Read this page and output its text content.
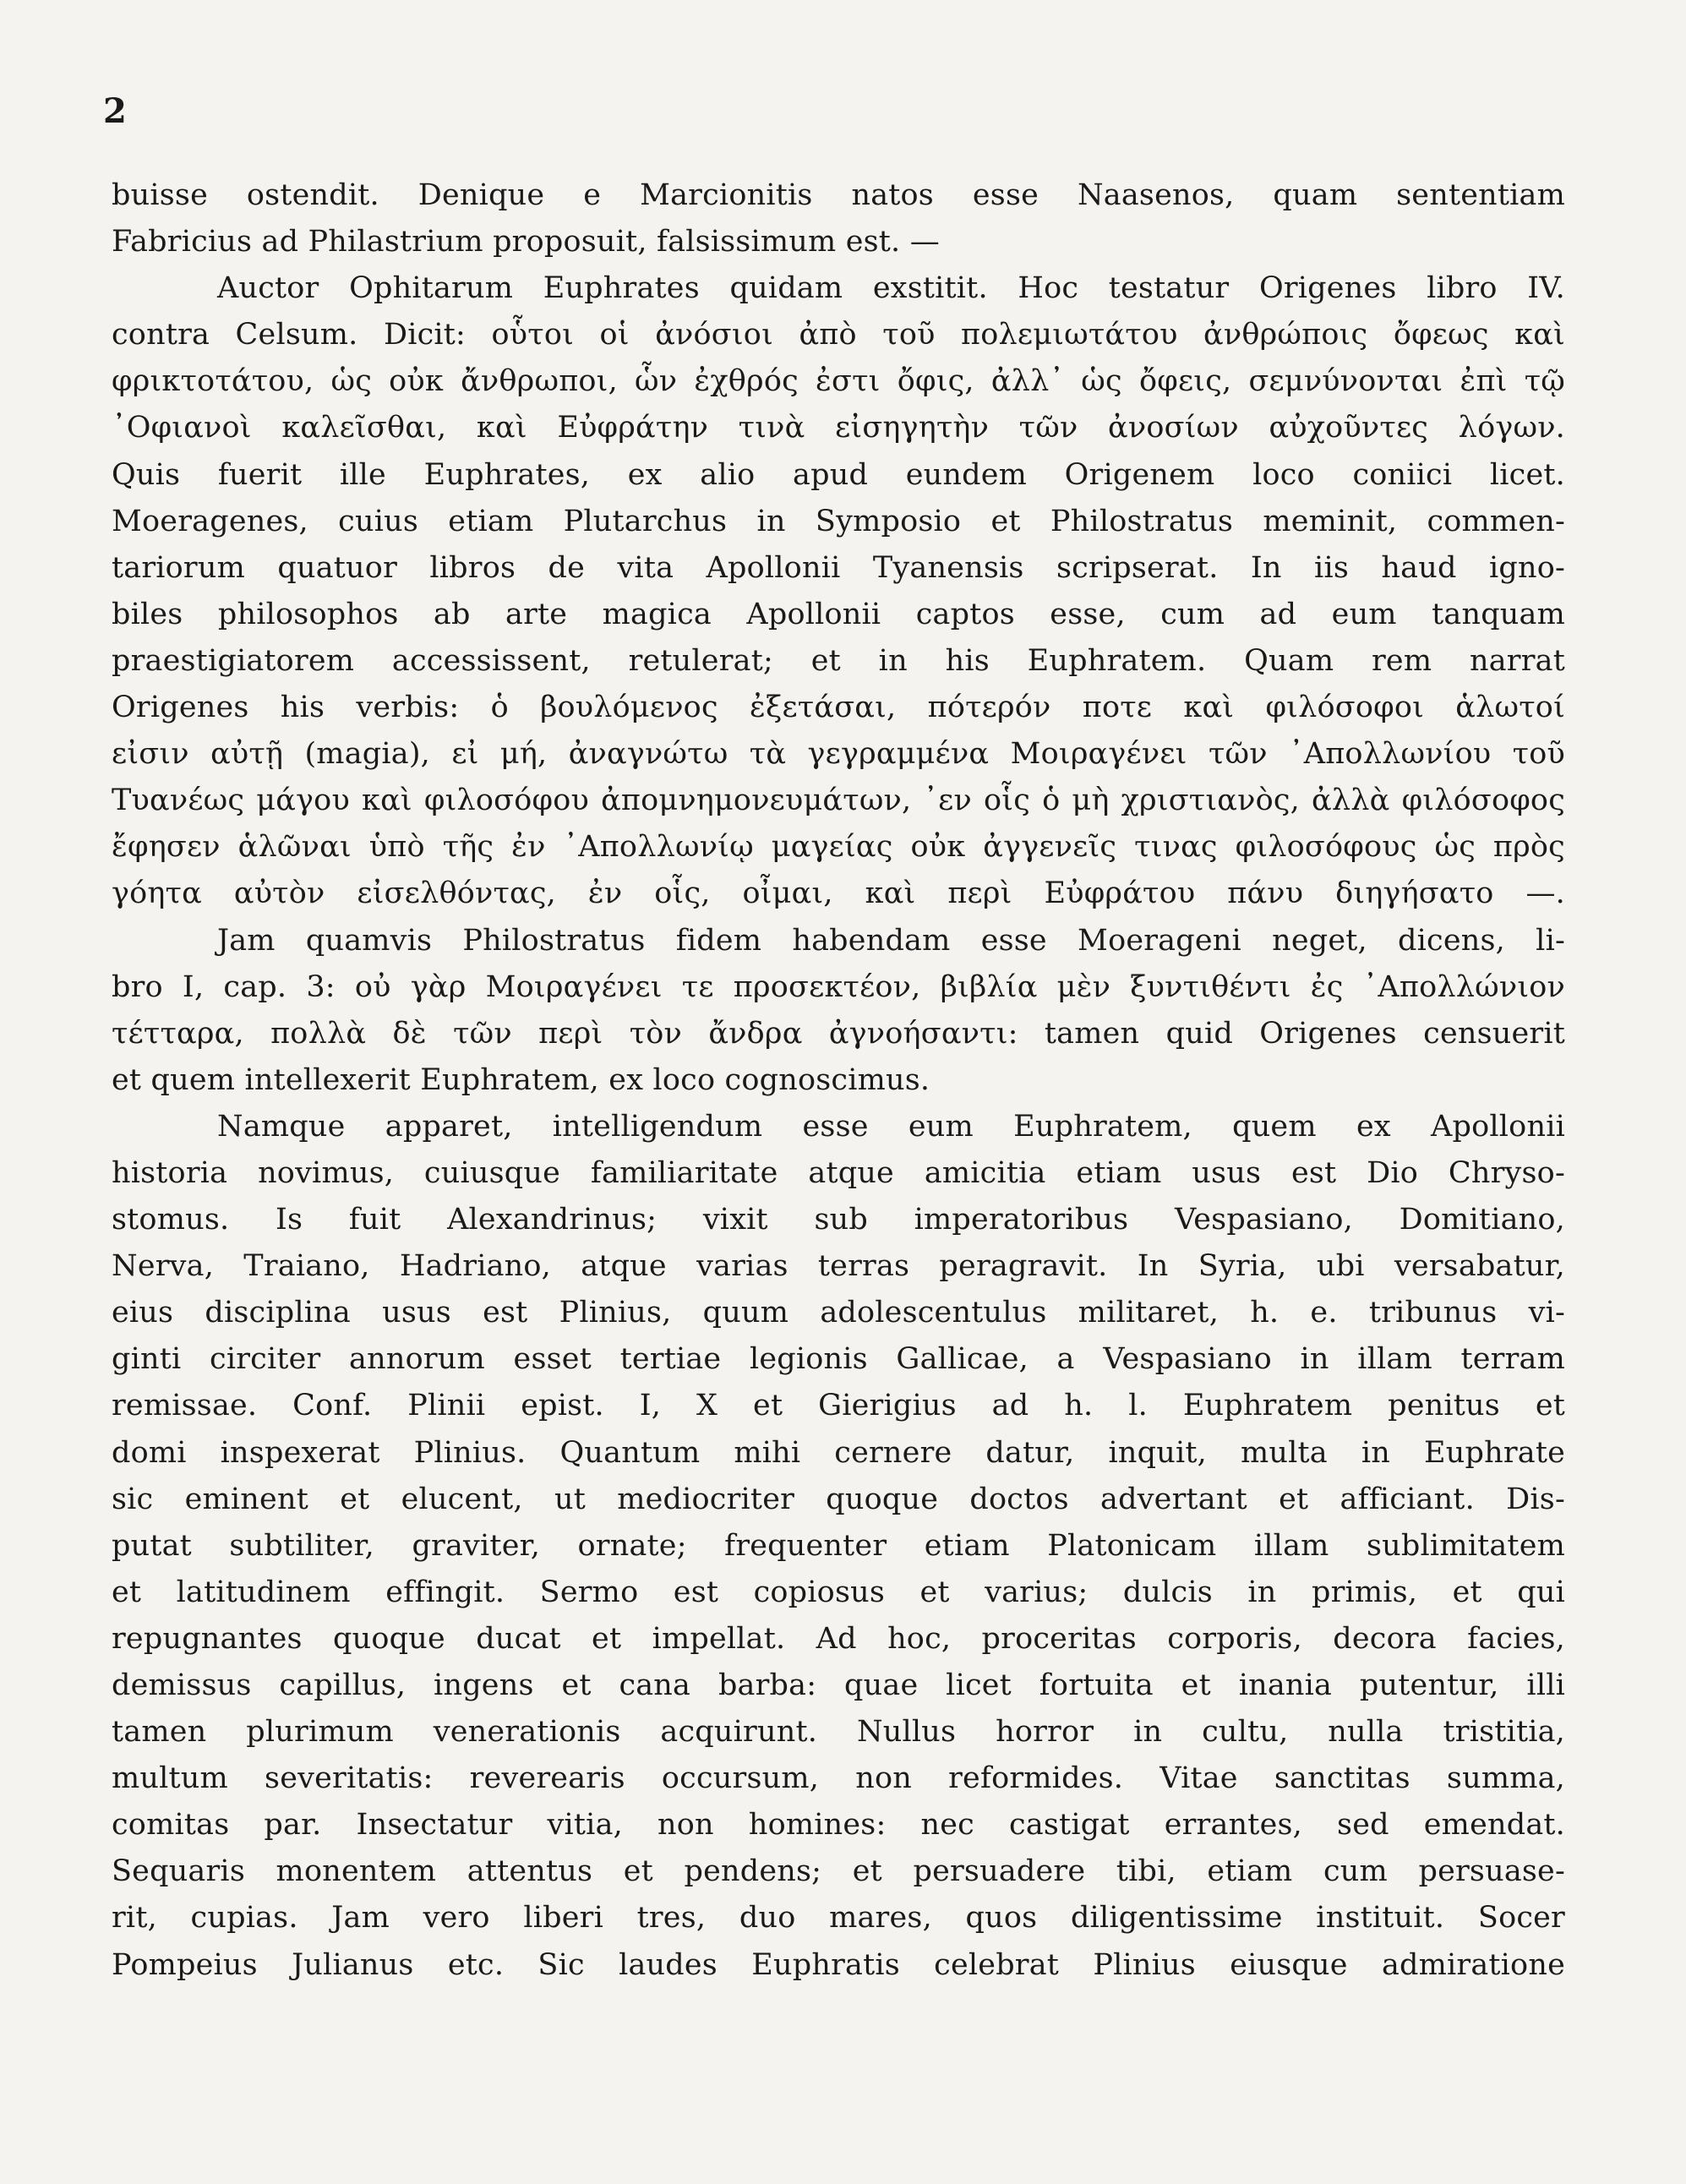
2
buisse ostendit. Denique e Marcionitis natos esse Naasenos, quam sententiam
Fabricius ad Philastrium proposuit, falsissimum est. —
Auctor Ophitarum Euphrates quidam exstitit. Hoc testatur Origenes libro IV.
contra Celsum. Dicit: οὗτοι οἱ ἀνόσιοι ἀπὸ τοῦ πολεμιωτάτου ἀνθρώποις ὄφεως καὶ
φρικτοτάτου, ὡς οὐκ ἄνθρωποι, ὧν ἐχθρός ἐστι ὄφις, ἀλλ᾽ ὡς ὄφεις, σεμνύνονται ἐπὶ τῷ
᾽Οφιανοὶ καλεῖσθαι, καὶ Εὐφράτην τινὰ εἰσηγητὴν τῶν ἀνοσίων αὐχοῦντες λόγων.
Quis fuerit ille Euphrates, ex alio apud eundem Origenem loco coniici licet.
Moeragenes, cuius etiam Plutarchus in Symposio et Philostratus meminit, commen-
tariorum quatuor libros de vita Apollonii Tyanensis scripserat. In iis haud igno-
biles philosophos ab arte magica Apollonii captos esse, cum ad eum tanquam
praestigiatorem accessissent, retulerat; et in his Euphratem. Quam rem narrat
Origenes his verbis: ὁ βουλόμενος ἐξετάσαι, πότερόν ποτε καὶ φιλόσοφοι ἁλωτοί
εἰσιν αὐτῇ (magia), εἰ μή, ἀναγνώτω τὰ γεγραμμένα Μοιραγένει τῶν ᾽Απολλωνίου τοῦ
Τυανέως μάγου καὶ φιλοσόφου ἀπομνημονευμάτων, ᾽εν οἷς ὁ μὴ χριστιανὸς, ἀλλὰ φιλόσοφος
ἔφησεν ἁλῶναι ὑπὸ τῆς ἐν ᾽Απολλωνίῳ μαγείας οὐκ ἀγγενεῖς τινας φιλοσόφους ὡς πρὸς
γόητα αὐτὸν εἰσελθόντας, ἐν οἷς, οἶμαι, καὶ περὶ Εὐφράτου πάνυ διηγήσατο —.
Jam quamvis Philostratus fidem habendam esse Moerageni neget, dicens, li-
bro I, cap. 3: οὐ γὰρ Μοιραγένει τε προσεκτέον, βιβλία μὲν ξυντιθέντι ἐς ᾽Απολλώνιον
τέτταρα, πολλὰ δὲ τῶν περὶ τὸν ἄνδρα ἀγνοήσαντι: tamen quid Origenes censuerit
et quem intellexerit Euphratem, ex loco cognoscimus.
Namque apparet, intelligendum esse eum Euphratem, quem ex Apollonii
historia novimus, cuiusque familiaritate atque amicitia etiam usus est Dio Chryso-
stomus. Is fuit Alexandrinus; vixit sub imperatoribus Vespasiano, Domitiano,
Nerva, Traiano, Hadriano, atque varias terras peragravit. In Syria, ubi versabatur,
eius disciplina usus est Plinius, quum adolescentulus militaret, h. e. tribunus vi-
ginti circiter annorum esset tertiae legionis Gallicae, a Vespasiano in illam terram
remissae. Conf. Plinii epist. I, X et Gierigius ad h. l. Euphratem penitus et
domi inspexerat Plinius. Quantum mihi cernere datur, inquit, multa in Euphrate
sic eminent et elucent, ut mediocriter quoque doctos advertant et afficiant. Dis-
putat subtiliter, graviter, ornate; frequenter etiam Platonicam illam sublimitatem
et latitudinem effingit. Sermo est copiosus et varius; dulcis in primis, et qui
repugnantes quoque ducat et impellat. Ad hoc, proceritas corporis, decora facies,
demissus capillus, ingens et cana barba: quae licet fortuita et inania putentur, illi
tamen plurimum venerationis acquirunt. Nullus horror in cultu, nulla tristitia,
multum severitatis: reverearis occursum, non reformides. Vitae sanctitas summa,
comitas par. Insectatur vitia, non homines: nec castigat errantes, sed emendat.
Sequaris monentem attentus et pendens; et persuadere tibi, etiam cum persuase-
rit, cupias. Jam vero liberi tres, duo mares, quos diligentissime instituit. Socer
Pompeius Julianus etc. Sic laudes Euphratis celebrat Plinius eiusque admiratione
